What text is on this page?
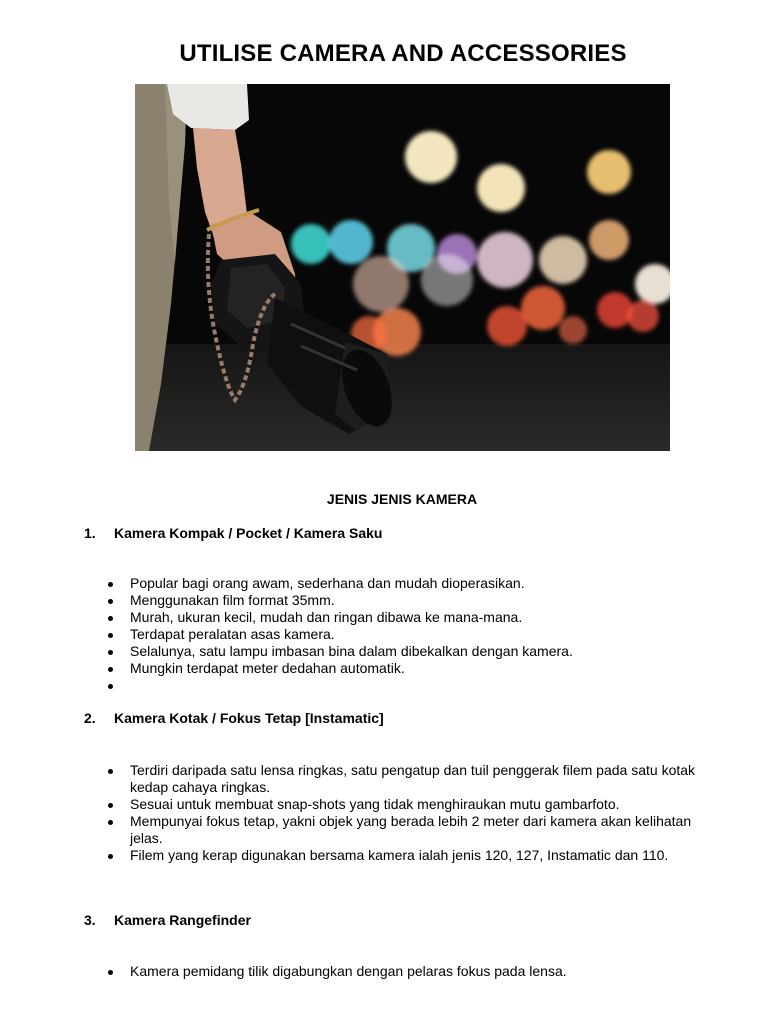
UTILISE CAMERA AND ACCESSORIES
JENIS JENIS KAMERA
1. Kamera Kompak / Pocket / Kamera Saku
Popular bagi orang awam, sederhana dan mudah dioperasikan.
Menggunakan film format 35mm.
Murah, ukuran kecil, mudah dan ringan dibawa ke mana-mana.
Terdapat peralatan asas kamera.
Selalunya, satu lampu imbasan bina dalam dibekalkan dengan kamera.
Mungkin terdapat meter dedahan automatik.
2. Kamera Kotak / Fokus Tetap [Instamatic]
Terdiri daripada satu lensa ringkas, satu pengatup dan tuil penggerak filem pada satu kotak kedap cahaya ringkas.
Sesuai untuk membuat snap-shots yang tidak menghiraukan mutu gambarfoto.
Mempunyai fokus tetap, yakni objek yang berada lebih 2 meter dari kamera akan kelihatan jelas.
Filem yang kerap digunakan bersama kamera ialah jenis 120, 127, Instamatic dan 110.
3. Kamera Rangefinder
Kamera pemidang tilik digabungkan dengan pelaras fokus pada lensa.
